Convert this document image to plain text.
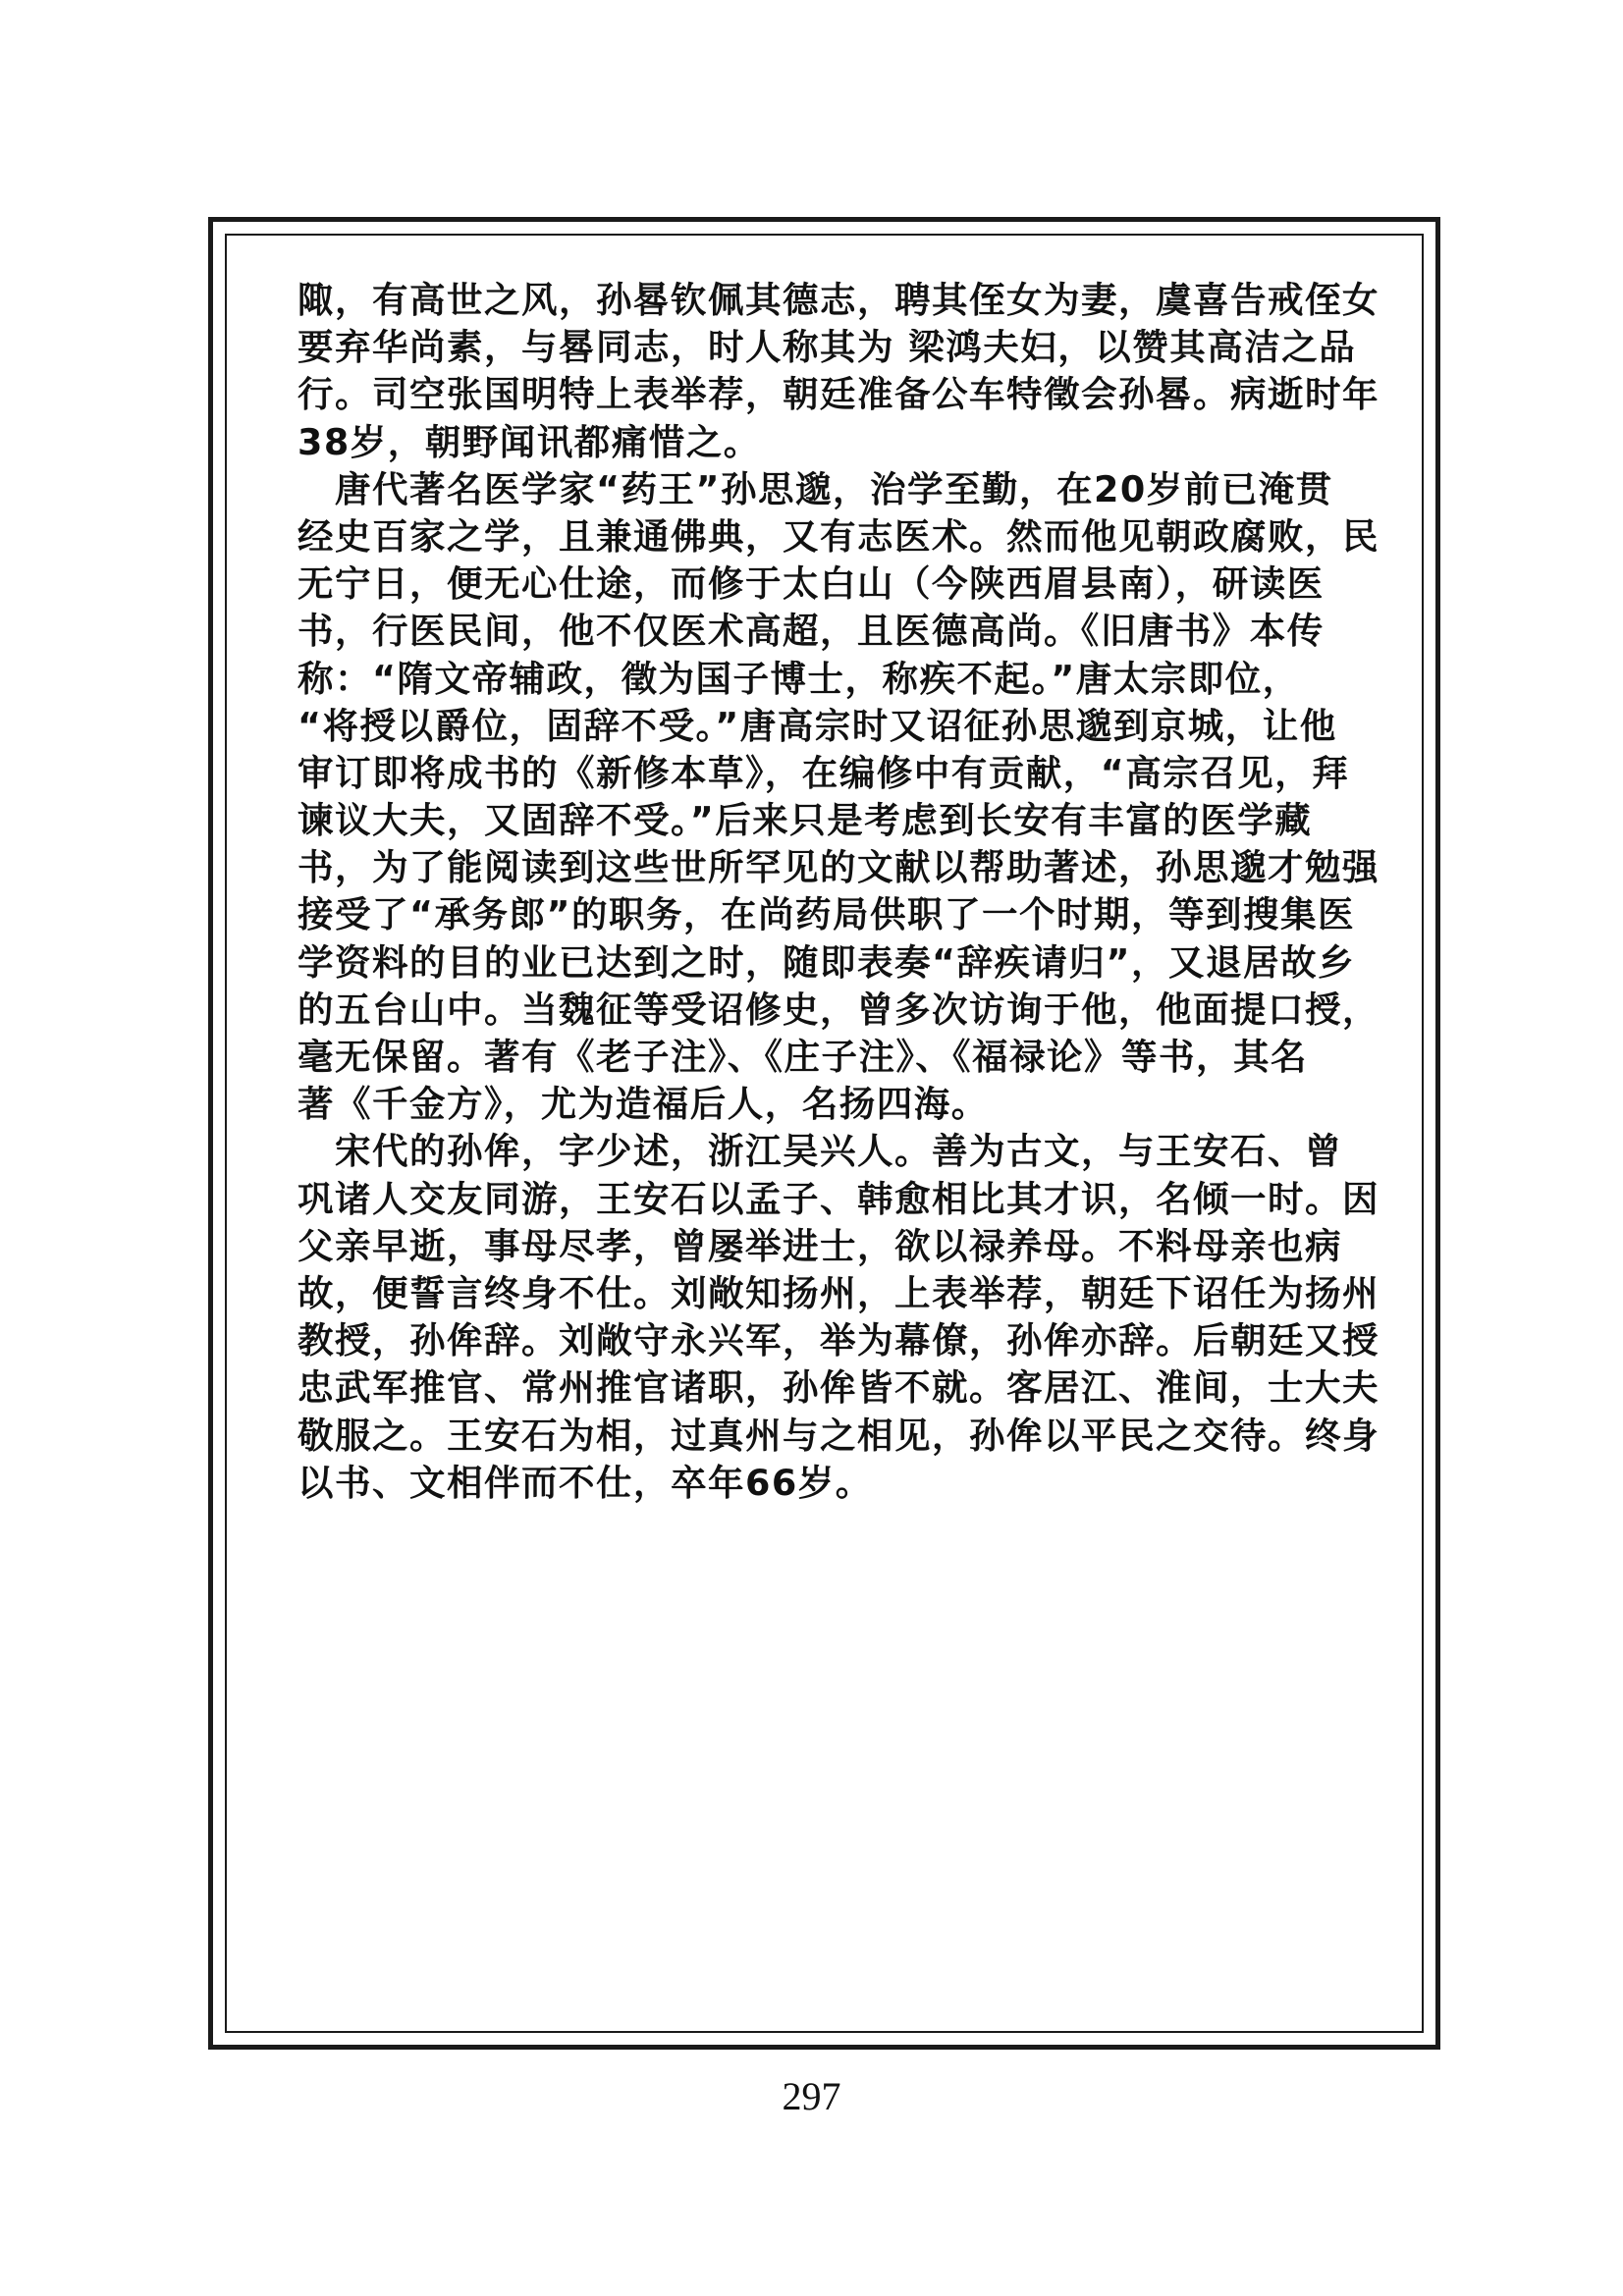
陬，有高世之风，孙晷钦佩其德志，聘其侄女为妻，虞喜告戒侄女
要弃华尚素，与晷同志，时人称其为 梁鸿夫妇，以赞其高洁之品
行。司空张国明特上表举荐，朝廷准备公车特徵会孙晷。病逝时年
38岁，朝野闻讯都痛惜之。
　唐代著名医学家“药王”孙思邈，治学至勤，在20岁前已淹贯
经史百家之学，且兼通佛典，又有志医术。然而他见朝政腐败，民
无宁日，便无心仕途，而修于太白山（今陕西眉县南），研读医
书，行医民间，他不仅医术高超，且医德高尚。《旧唐书》本传
称：“隋文帝辅政，徵为国子博士，称疾不起。”唐太宗即位，
“将授以爵位，固辞不受。”唐高宗时又诏征孙思邈到京城，让他
审订即将成书的《新修本草》，在编修中有贡献，“高宗召见，拜
谏议大夫，又固辞不受。”后来只是考虑到长安有丰富的医学藏
书，为了能阅读到这些世所罕见的文献以帮助著述，孙思邈才勉强
接受了“承务郎”的职务，在尚药局供职了一个时期，等到搜集医
学资料的目的业已达到之时，随即表奏“辞疾请归”，又退居故乡
的五台山中。当魏征等受诏修史，曾多次访询于他，他面提口授，
毫无保留。著有《老子注》、《庄子注》、《福禄论》等书，其名
著《千金方》，尤为造福后人，名扬四海。
　宋代的孙侔，字少述，浙江吴兴人。善为古文，与王安石、曾
巩诸人交友同游，王安石以孟子、韩愈相比其才识，名倾一时。因
父亲早逝，事母尽孝，曾屡举进士，欲以禄养母。不料母亲也病
故，便誓言终身不仕。刘敞知扬州，上表举荐，朝廷下诏任为扬州
教授，孙侔辞。刘敞守永兴军，举为幕僚，孙侔亦辞。后朝廷又授
忠武军推官、常州推官诸职，孙侔皆不就。客居江、淮间，士大夫
敬服之。王安石为相，过真州与之相见，孙侔以平民之交待。终身
以书、文相伴而不仕，卒年66岁。
297
